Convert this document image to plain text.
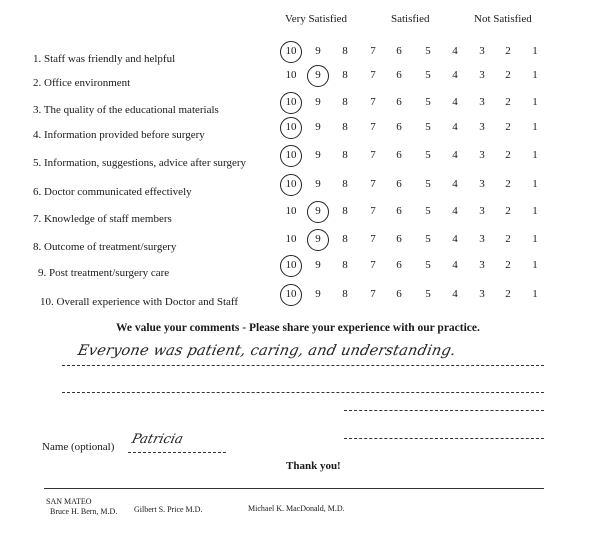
Very Satisfied	Satisfied	Not Satisfied
1. Staff was friendly and helpful
10 9 8 7 6 5 4 3 2 1
2. Office environment
10 9 8 7 6 5 4 3 2 1
3. The quality of the educational materials
10 9 8 7 6 5 4 3 2 1
4. Information provided before surgery
10 9 8 7 6 5 4 3 2 1
5. Information, suggestions, advice after surgery
10 9 8 7 6 5 4 3 2 1
6. Doctor communicated effectively
10 9 8 7 6 5 4 3 2 1
7. Knowledge of staff members
10 9 8 7 6 5 4 3 2 1
8. Outcome of treatment/surgery
10 9 8 7 6 5 4 3 2 1
9. Post treatment/surgery care
10 9 8 7 6 5 4 3 2 1
10. Overall experience with Doctor and Staff
10 9 8 7 6 5 4 3 2 1
We value your comments - Please share your experience with our practice.
Everyone was patient, caring, and understanding.
Name (optional) Patricia
Thank you!
SAN MATEO
Bruce H. Bern, M.D. Gilbert S. Price M.D.	Michael K. MacDonald, M.D.
